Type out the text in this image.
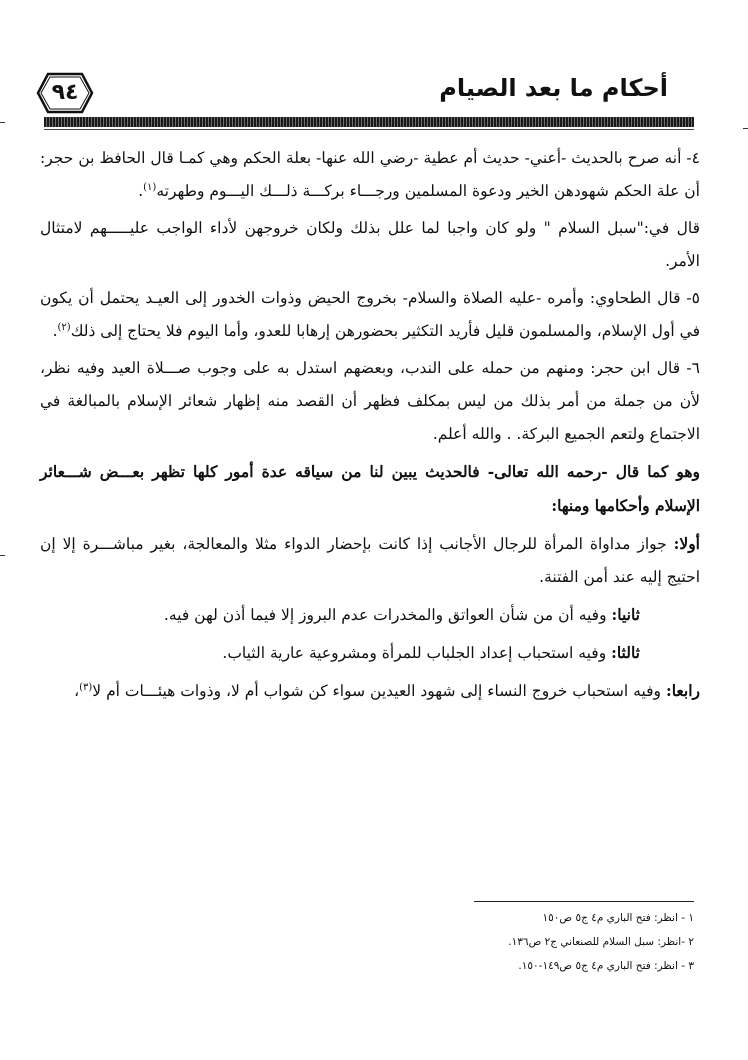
٩٤	أحكام ما بعد الصيام

٤- أنه صرح بالحديث -أعني- حديث أم عطية -رضي الله عنها- بعلة الحكم وهي كمـا قال الحافظ بن حجر: أن علة الحكم شهودهن الخير ودعوة المسلمين ورجـــاء بركـــة ذلـــك اليـــوم وطهرته$^{(١)}$.

قال في:"سبل السلام " ولو كان واجبا لما علل بذلك ولكان خروجهن لأداء الواجب عليـــــهم لامتثال الأمر.

٥- قال الطحاوي: وأمره -عليه الصلاة والسلام- بخروج الحيض وذوات الخدور إلى العيـد يحتمل أن يكون في أول الإسلام، والمسلمون قليل فأريد التكثير بحضورهن إرهابا للعدو، وأما اليوم فلا يحتاج إلى ذلك$^{(٢)}$.

٦- قال ابن حجر: ومنهم من حمله على الندب، وبعضهم استدل به على وجوب صـــلاة العيد وفيه نظر، لأن من جملة من أمر بذلك من ليس بمكلف فظهر أن القصد منه إظهار شعائر الإسلام بالمبالغة في الاجتماع ولتعم الجميع البركة. . والله أعلم.

وهو كما قال -رحمه الله تعالى- فالحديث يبين لنا من سياقه عدة أمور كلها تظهر بعـــض شـــعائر الإسلام وأحكامها ومنها:

أولا: جواز مداواة المرأة للرجال الأجانب إذا كانت بإحضار الدواء مثلا والمعالجة، بغير مباشـــرة إلا إن احتيج إليه عند أمن الفتنة.

ثانيا: وفيه أن من شأن العواتق والمخدرات عدم البروز إلا فيما أذن لهن فيه.

ثالثا: وفيه استحباب إعداد الجلباب للمرأة ومشروعية عارية الثياب.

رابعا: وفيه استحباب خروج النساء إلى شهود العيدين سواء كن شواب أم لا، وذوات هيئـــات أم لا$^{(٣)}$،

١ - انظر: فتح الباري م٤ ج٥ ص١٥٠
٢ -انظر: سبل السلام للصنعاني ج٢ ص١٣٦.
٣ - انظر: فتح الباري م٤ ج٥ ص١٤٩-١٥٠.
